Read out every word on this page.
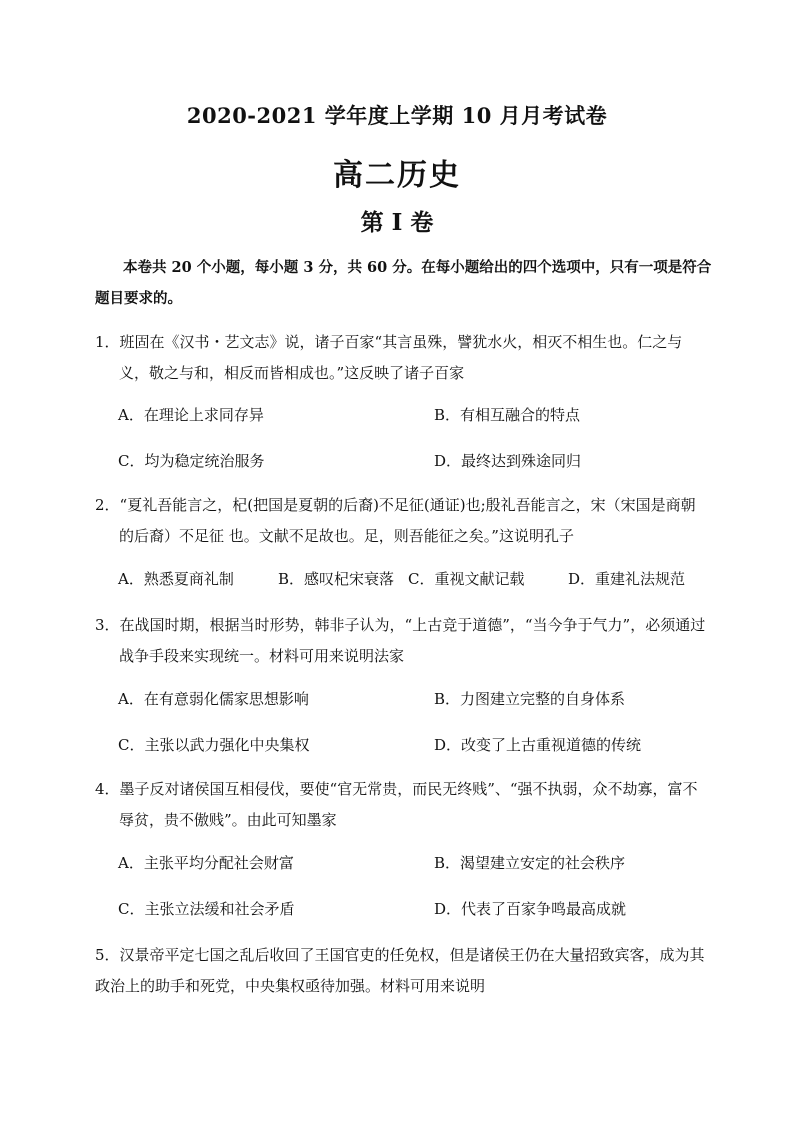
2020-2021 学年度上学期 10 月月考试卷
高二历史
第 I 卷
本卷共 20 个小题，每小题 3 分，共 60 分。在每小题给出的四个选项中，只有一项是符合题目要求的。
1．班固在《汉书・艺文志》说，诸子百家“其言虽殊，譬犹水火，相灭不相生也。仁之与义，敬之与和，相反而皆相成也。”这反映了诸子百家
A．在理论上求同存异	B．有相互融合的特点
C．均为稳定统治服务	D．最终达到殊途同归
2．“夏礼吾能言之，杞(把国是夏朝的后裔)不足征(通证)也;殷礼吾能言之，宋（宋国是商朝的后裔）不足征 也。文献不足故也。足，则吾能征之矣。”这说明孔子
A．熟悉夏商礼制	B．感叹杞宋衰落 C．重视文献记载	D．重建礼法规范
3．在战国时期，根据当时形势，韩非子认为，“上古竞于道德”，“当今争于气力”，必须通过战争手段来实现统一。材料可用来说明法家
A．在有意弱化儒家思想影响	B．力图建立完整的自身体系
C．主张以武力强化中央集权	D．改变了上古重视道德的传统
4．墨子反对诸侯国互相侵伐，要使“官无常贵，而民无终贱”、“强不执弱，众不劫寡，富不辱贫，贵不傲贱”。由此可知墨家
A．主张平均分配社会财富	B．渴望建立安定的社会秩序
C．主张立法缓和社会矛盾	D．代表了百家争鸣最高成就
5．汉景帝平定七国之乱后收回了王国官吏的任免权，但是诸侯王仍在大量招致宾客，成为其政治上的助手和死党，中央集权亟待加强。材料可用来说明
